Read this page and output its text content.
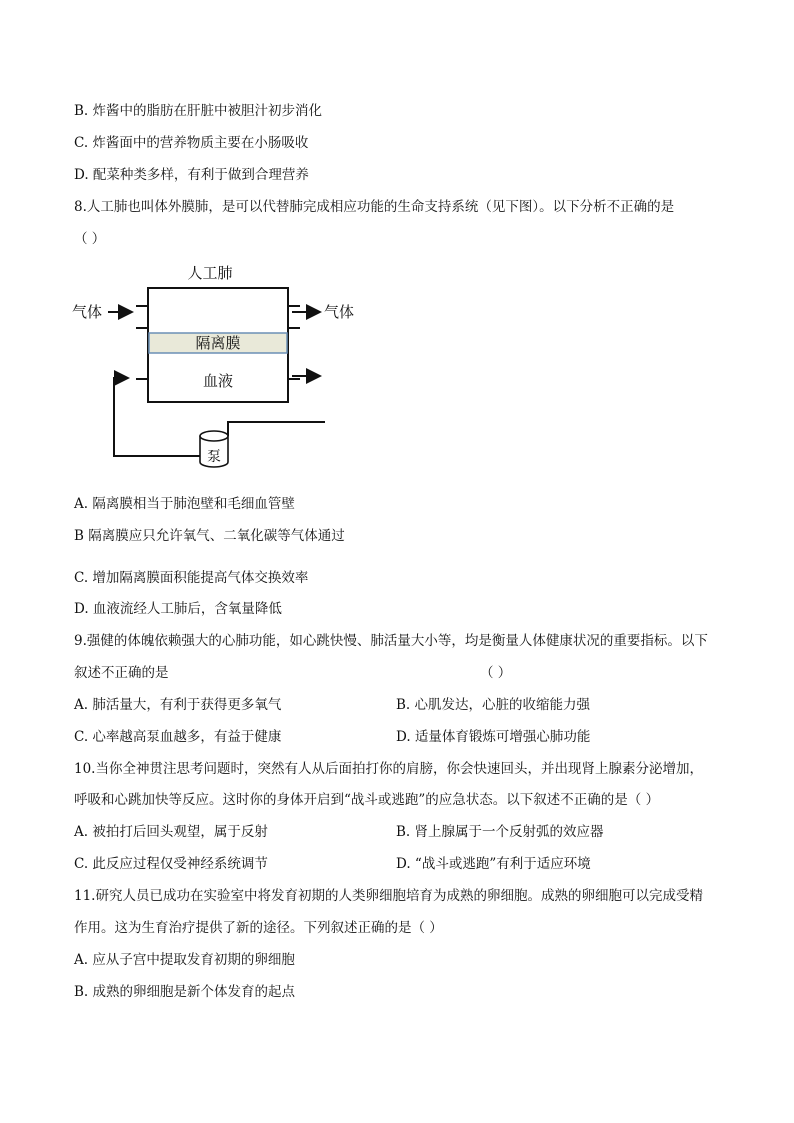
B. 炸酱中的脂肪在肝脏中被胆汁初步消化
C. 炸酱面中的营养物质主要在小肠吸收
D. 配菜种类多样，有利于做到合理营养
8.人工肺也叫体外膜肺，是可以代替肺完成相应功能的生命支持系统（见下图）。以下分析不正确的是
（ ）
人工肺
气体	气体
隔离膜
血液
泵
A. 隔离膜相当于肺泡壁和毛细血管壁
B 隔离膜应只允许氧气、二氧化碳等气体通过
C. 增加隔离膜面积能提高气体交换效率
D. 血液流经人工肺后，含氧量降低
9.强健的体魄依赖强大的心肺功能，如心跳快慢、肺活量大小等，均是衡量人体健康状况的重要指标。以下
叙述不正确的是	（ ）
A. 肺活量大，有利于获得更多氧气	B. 心肌发达，心脏的收缩能力强
C. 心率越高泵血越多，有益于健康	D. 适量体育锻炼可增强心肺功能
10.当你全神贯注思考问题时，突然有人从后面拍打你的肩膀，你会快速回头，并出现肾上腺素分泌增加，
呼吸和心跳加快等反应。这时你的身体开启到“战斗或逃跑”的应急状态。以下叙述不正确的是（ ）
A. 被拍打后回头观望，属于反射	B. 肾上腺属于一个反射弧的效应器
C. 此反应过程仅受神经系统调节	D. “战斗或逃跑”有利于适应环境
11.研究人员已成功在实验室中将发育初期的人类卵细胞培育为成熟的卵细胞。成熟的卵细胞可以完成受精
作用。这为生育治疗提供了新的途径。下列叙述正确的是（ ）
A. 应从子宫中提取发育初期的卵细胞
B. 成熟的卵细胞是新个体发育的起点
